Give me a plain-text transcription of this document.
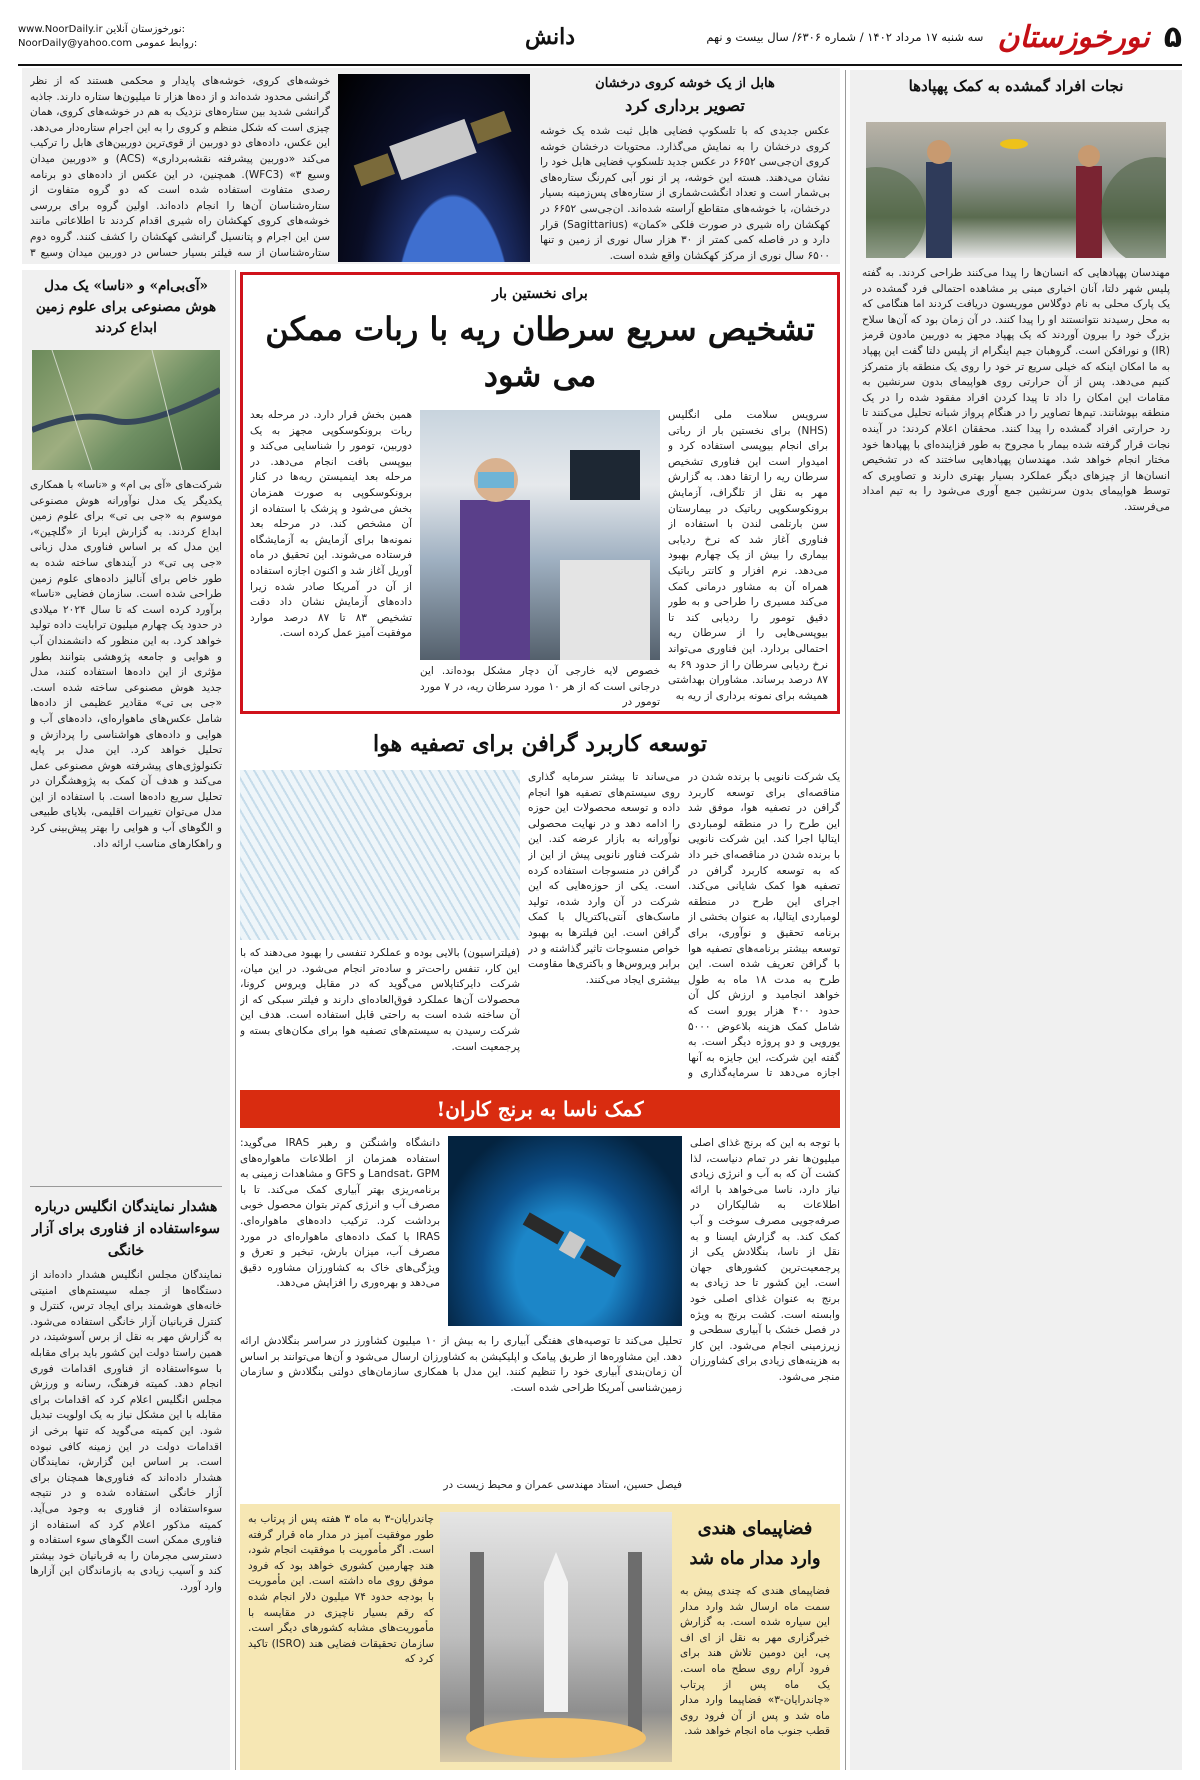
۵
نورخوزستان
سه شنبه ۱۷ مرداد ۱۴۰۲ / شماره ۶۳۰۶/ سال بیست و نهم
دانش
www.NoorDaily.ir نورخوزستان آنلاین:
NoorDaily@yahoo.com روابط عمومی:
نجات افراد گمشده به کمک پهپادها
مهندسان پهپادهایی که انسان‌ها را پیدا می‌کنند طراحی کردند. به گفته پلیس شهر دلتا، آنان اخباری مبنی بر مشاهده احتمالی فرد گمشده در یک پارک محلی به نام دوگلاس موریسون دریافت کردند اما هنگامی که به محل رسیدند نتوانستند او را پیدا کنند. در آن زمان بود که آن‌ها سلاح بزرگ خود را بیرون آوردند که یک پهپاد مجهز به دوربین مادون قرمز (IR) و نورافکن است. گروهبان جیم اینگرام از پلیس دلتا گفت این پهپاد به ما امکان اینکه که خیلی سریع تر خود را روی یک منطقه باز متمرکز کنیم می‌دهد. پس از آن حرارتی روی هواپیمای بدون سرنشین به مقامات این امکان را داد تا پیدا کردن افراد مفقود شده را در یک منطقه بپوشانند. تیم‌ها تصاویر را در هنگام پرواز شبانه تحلیل می‌کنند تا رد حرارتی افراد گمشده را پیدا کنند. محققان اعلام کردند: در آینده نجات قرار گرفته شده بیمار با مجروح به طور فزاینده‌ای با پهپادها خود مختار انجام خواهد شد. مهندسان پهپادهایی ساختند که در تشخیص انسان‌ها از چیزهای دیگر عملکرد بسیار بهتری دارند و تصاویری که توسط هواپیمای بدون سرنشین جمع آوری می‌شود را به تیم امداد می‌فرستد.
هابل از یک خوشه کروی درخشان
تصویر برداری کرد
عکس جدیدی که با تلسکوپ فضایی هابل ثبت شده یک خوشه کروی درخشان را به نمایش می‌گذارد. محتویات درخشان خوشه کروی ان‌جی‌سی ۶۶۵۲ در عکس جدید تلسکوپ فضایی هابل خود را نشان می‌دهند. هسته این خوشه، پر از نور آبی کم‌رنگ ستاره‌های بی‌شمار است و تعداد انگشت‌شماری از ستاره‌های پس‌زمینه بسیار درخشان، با خوشه‌های متقاطع آراسته شده‌اند. ان‌جی‌سی ۶۶۵۲ در کهکشان راه شیری در صورت فلکی «کمان» (Sagittarius) قرار دارد و در فاصله کمی کمتر از ۳۰ هزار سال نوری از زمین و تنها ۶۵۰۰ سال نوری از مرکز کهکشان واقع شده است.
خوشه‌های کروی، خوشه‌های پایدار و محکمی هستند که از نظر گرانشی محدود شده‌اند و از ده‌ها هزار تا میلیون‌ها ستاره دارند. جاذبه گرانشی شدید بین ستاره‌های نزدیک به هم در خوشه‌های کروی، همان چیزی است که شکل منظم و کروی را به این اجرام ستاره‌دار می‌دهد. این عکس، داده‌های دو دوربین از قوی‌ترین دوربین‌های هابل را ترکیب می‌کند «دوربین پیشرفته نقشه‌برداری» (ACS) و «دوربین میدان وسیع ۳» (WFC3). همچنین، در این عکس از داده‌های دو برنامه رصدی متفاوت استفاده شده است که دو گروه متفاوت از ستاره‌شناسان آن‌ها را انجام داده‌اند. اولین گروه برای بررسی خوشه‌های کروی کهکشان راه شیری اقدام کردند تا اطلاعاتی مانند سن این اجرام و پتانسیل گرانشی کهکشان را کشف کنند. گروه دوم ستاره‌شناسان از سه فیلتر بسیار حساس در دوربین میدان وسیع ۳
«آی‌بی‌ام» و «ناسا» یک مدل هوش مصنوعی برای علوم زمین ابداع کردند
شرکت‌های «آی بی ام» و «ناسا» با همکاری یکدیگر یک مدل نوآورانه هوش مصنوعی موسوم به «جی بی تی» برای علوم زمین ابداع کردند. به گزارش ایرنا از «گلچین»، این مدل که بر اساس فناوری مدل زبانی «جی پی تی» در آیندهای ساخته شده به طور خاص برای آنالیز داده‌های علوم زمین طراحی شده است. سازمان فضایی «ناسا» برآورد کرده است که تا سال ۲۰۲۴ میلادی در حدود یک چهارم میلیون ترابایت داده تولید خواهد کرد. به این منظور که دانشمندان آب و هوایی و جامعه پژوهشی بتوانند بطور مؤثری از این داده‌ها استفاده کنند، مدل جدید هوش مصنوعی ساخته شده است. «جی بی تی» مقادیر عظیمی از داده‌ها شامل عکس‌های ماهواره‌ای، داده‌های آب و هوایی و داده‌های هواشناسی را پردازش و تحلیل خواهد کرد. این مدل بر پایه تکنولوژی‌های پیشرفته هوش مصنوعی عمل می‌کند و هدف آن کمک به پژوهشگران در تحلیل سریع داده‌ها است. با استفاده از این مدل می‌توان تغییرات اقلیمی، بلایای طبیعی و الگوهای آب و هوایی را بهتر پیش‌بینی کرد و راهکارهای مناسب ارائه داد.
هشدار نمایندگان انگلیس درباره سوءاستفاده از فناوری برای آزار خانگی
نمایندگان مجلس انگلیس هشدار داده‌اند از دستگاه‌ها از جمله سیستم‌های امنیتی خانه‌های هوشمند برای ایجاد ترس، کنترل و کنترل قربانیان آزار خانگی استفاده می‌شود. به گزارش مهر به نقل از برس آسوشیتد، در همین راستا دولت این کشور باید برای مقابله با سوءاستفاده از فناوری اقدامات فوری انجام دهد. کمیته فرهنگ، رسانه و ورزش مجلس انگلیس اعلام کرد که اقدامات برای مقابله با این مشکل نیاز به یک اولویت تبدیل شود. این کمیته می‌گوید که تنها برخی از اقدامات دولت در این زمینه کافی نبوده است. بر اساس این گزارش، نمایندگان هشدار داده‌اند که فناوری‌ها همچنان برای آزار خانگی استفاده شده و در نتیجه سوءاستفاده از فناوری به وجود می‌آید. کمیته مذکور اعلام کرد که استفاده از فناوری ممکن است الگوهای سوء استفاده و دسترسی مجرمان را به قربانیان خود بیشتر کند و آسیب زیادی به بازماندگان این آزارها وارد آورد.
برای نخستین بار
تشخیص سریع سرطان ریه با ربات ممکن می شود
سرویس سلامت ملی انگلیس (NHS) برای نخستین بار از رباتی برای انجام بیوپسی استفاده کرد و امیدوار است این فناوری تشخیص سرطان ریه را ارتقا دهد. به گزارش مهر به نقل از تلگراف، آزمایش برونکوسکوپی رباتیک در بیمارستان سن بارتلمی لندن با استفاده از فناوری آغاز شد که نرخ ردیابی بیماری را بیش از یک چهارم بهبود می‌دهد. نرم افزار و کاتتر رباتیک همراه آن به مشاور درمانی کمک می‌کند مسیری را طراحی و به طور دقیق تومور را ردیابی کند تا بیوپسی‌هایی را از سرطان ریه احتمالی بردارد. این فناوری می‌تواند نرخ ردیابی سرطان را از حدود ۶۹ به ۸۷ درصد برساند. مشاوران بهداشتی همیشه برای نمونه برداری از ریه به
خصوص لایه خارجی آن دچار مشکل بوده‌اند. این درجانی است که از هر ۱۰ مورد سرطان ریه، در ۷ مورد تومور در
همین بخش قرار دارد. در مرحله بعد ربات برونکوسکوپی مجهز به یک دوربین، تومور را شناسایی می‌کند و بیوپسی بافت انجام می‌دهد. در مرحله بعد اینمیستن ریه‌ها در کنار برونکوسکوپی به صورت همزمان بخش می‌شود و پزشک با استفاده از آن مشخص کند. در مرحله بعد نمونه‌ها برای آزمایش به آزمایشگاه فرستاده می‌شوند. این تحقیق در ماه آوریل آغاز شد و اکنون اجازه استفاده از آن در آمریکا صادر شده زیرا داده‌های آزمایش نشان داد دقت تشخیص ۸۳ تا ۸۷ درصد موارد موفقیت آمیز عمل کرده است.
توسعه کاربرد گرافن برای تصفیه هوا
یک شرکت نانویی با برنده شدن در مناقصه‌ای برای توسعه کاربرد گرافن در تصفیه هوا، موفق شد این طرح را در منطقه لومباردی ایتالیا اجرا کند. این شرکت نانویی با برنده شدن در مناقصه‌ای خبر داد که به توسعه کاربرد گرافن در تصفیه هوا کمک شایانی می‌کند. اجرای این طرح در منطقه لومباردی ایتالیا، به عنوان بخشی از برنامه تحقیق و نوآوری، برای توسعه بیشتر برنامه‌های تصفیه هوا با گرافن تعریف شده است. این طرح به مدت ۱۸ ماه به طول خواهد انجامید و ارزش کل آن حدود ۴۰۰ هزار یورو است که شامل کمک هزینه بلاعوض ۵۰۰۰ یورویی و دو پروژه دیگر است. به گفته این شرکت، این جایزه به آنها اجازه می‌دهد تا سرمایه‌گذاری و
می‌ساند تا بیشتر سرمایه گذاری روی سیستم‌های تصفیه هوا انجام داده و توسعه محصولات این حوزه را ادامه دهد و در نهایت محصولی نوآورانه به بازار عرضه کند. این شرکت فناور نانویی پیش از این از گرافن در منسوجات استفاده کرده است. یکی از حوزه‌هایی که این شرکت در آن وارد شده، تولید ماسک‌های آنتی‌باکتریال با کمک گرافن است. این فیلترها به بهبود خواص منسوجات تاثیر گذاشته و در برابر ویروس‌ها و باکتری‌ها مقاومت بیشتری ایجاد می‌کنند.
(فیلتراسیون) بالایی بوده و عملکرد تنفسی را بهبود می‌دهند که با این کار، تنفس راحت‌تر و ساده‌تر انجام می‌شود. در این میان، شرکت دایرکتاپلاس می‌گوید که در مقابل ویروس کرونا، محصولات آن‌ها عملکرد فوق‌العاده‌ای دارند و فیلتر سبکی که از آن ساخته شده است به راحتی قابل استفاده است. هدف این شرکت رسیدن به سیستم‌های تصفیه هوا برای مکان‌های بسته و پرجمعیت است.
کمک ناسا به برنج کاران!
با توجه به این که برنج غذای اصلی میلیون‌ها نفر در تمام دنیاست، لذا کشت آن که به آب و انرژی زیادی نیاز دارد، ناسا می‌خواهد با ارائه اطلاعات به شالیکاران در صرفه‌جویی مصرف سوخت و آب کمک کند. به گزارش ایسنا و به نقل از ناسا، بنگلادش یکی از پرجمعیت‌ترین کشورهای جهان است. این کشور تا حد زیادی به برنج به عنوان غذای اصلی خود وابسته است. کشت برنج به ویژه در فصل خشک با آبیاری سطحی و زیرزمینی انجام می‌شود. این کار به هزینه‌های زیادی برای کشاورزان منجر می‌شود.
دانشگاه واشنگتن و رهبر IRAS می‌گوید: استفاده همزمان از اطلاعات ماهواره‌های Landsat، GPM و GFS و مشاهدات زمینی به برنامه‌ریزی بهتر آبیاری کمک می‌کند. تا با مصرف آب و انرژی کم‌تر بتوان محصول خوبی برداشت کرد. ترکیب داده‌های ماهواره‌ای. IRAS با کمک داده‌های ماهواره‌ای در مورد مصرف آب، میزان بارش، تبخیر و تعرق و ویژگی‌های خاک به کشاورزان مشاوره دقیق می‌دهد و بهره‌وری را افزایش می‌دهد.
تحلیل می‌کند تا توصیه‌های هفتگی آبیاری را به بیش از ۱۰ میلیون کشاورز در سراسر بنگلادش ارائه دهد. این مشاوره‌ها از طریق پیامک و اپلیکیشن به کشاورزان ارسال می‌شود و آن‌ها می‌توانند بر اساس آن زمان‌بندی آبیاری خود را تنظیم کنند. این مدل با همکاری سازمان‌های دولتی بنگلادش و سازمان زمین‌شناسی آمریکا طراحی شده است.
فیصل حسین، استاد مهندسی عمران و محیط زیست در
فضاپیمای هندی وارد مدار ماه شد
فضاپیمای هندی که چندی پیش به سمت ماه ارسال شد وارد مدار این سیاره شده است. به گزارش خبرگزاری مهر به نقل از ای اف پی، این دومین تلاش هند برای فرود آرام روی سطح ماه است. یک ماه پس از پرتاب «چاندرایان-۳» فضاپیما وارد مدار ماه شد و پس از آن فرود روی قطب جنوب ماه انجام خواهد شد.
چاندرایان-۳ به ماه ۳ هفته پس از پرتاب به طور موفقیت آمیز در مدار ماه قرار گرفته است. اگر مأموریت با موفقیت انجام شود، هند چهارمین کشوری خواهد بود که فرود موفق روی ماه داشته است. این مأموریت با بودجه حدود ۷۴ میلیون دلار انجام شده که رقم بسیار ناچیزی در مقایسه با مأموریت‌های مشابه کشورهای دیگر است. سازمان تحقیقات فضایی هند (ISRO) تاکید کرد که
